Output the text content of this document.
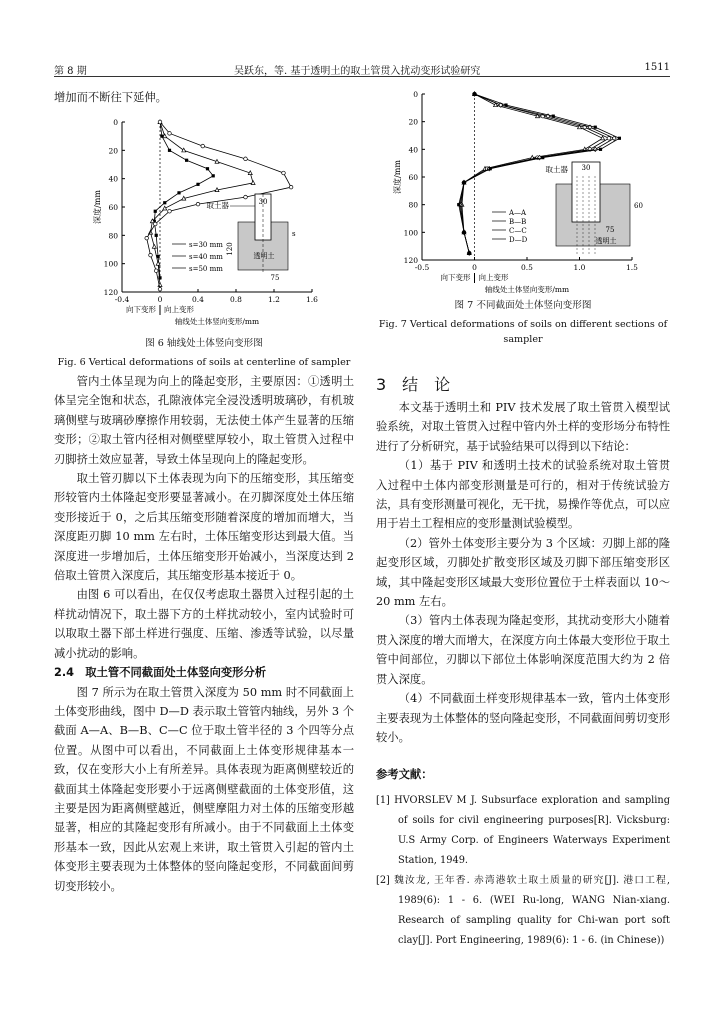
第 8 期	吴跃东，等. 基于透明土的取土管贯入扰动变形试验研究	1511

增加而不断往下延伸。

0
20
40
60
80
100
120
-0.4	0	0.4	0.8	1.2	1.6
深度/mm
向下变形 向上变形
轴线处土体竖向变形/mm
取土器
透明土
30
120
75
s
s=30 mm
s=40 mm
s=50 mm
图 6 轴线处土体竖向变形图
Fig. 6 Vertical deformations of soils at centerline of sampler

管内土体呈现为向上的隆起变形，主要原因：①透明土体呈完全饱和状态，孔隙液体完全浸没透明玻璃砂，有机玻璃侧壁与玻璃砂摩擦作用较弱，无法使土体产生显著的压缩变形；②取土管内径相对侧壁壁厚较小，取土管贯入过程中刃脚挤土效应显著，导致土体呈现向上的隆起变形。

取土管刃脚以下土体表现为向下的压缩变形，其压缩变形较管内土体隆起变形要显著减小。在刃脚深度处土体压缩变形接近于 0，之后其压缩变形随着深度的增加而增大，当深度距刃脚 10 mm 左右时，土体压缩变形达到最大值。当深度进一步增加后，土体压缩变形开始减小，当深度达到 2 倍取土管贯入深度后，其压缩变形基本接近于 0。

由图 6 可以看出，在仅仅考虑取土器贯入过程引起的土样扰动情况下，取土器下方的土样扰动较小，室内试验时可以取取土器下部土样进行强度、压缩、渗透等试验，以尽量减小扰动的影响。

2.4　取土管不同截面处土体竖向变形分析

图 7 所示为在取土管贯入深度为 50 mm 时不同截面上土体变形曲线，图中 D—D 表示取土管管内轴线，另外 3 个截面 A—A、B—B、C—C 位于取土管半径的 3 个四等分点位置。从图中可以看出，不同截面上土体变形规律基本一致，仅在变形大小上有所差异。具体表现为距离侧壁较近的截面其土体隆起变形要小于远离侧壁截面的土体变形值，这主要是因为距离侧壁越近，侧壁摩阻力对土体的压缩变形越显著，相应的其隆起变形有所减小。由于不同截面上土体变形基本一致，因此从宏观上来讲，取土管贯入引起的管内土体变形主要表现为土体整体的竖向隆起变形，不同截面间剪切变形较小。

0
20
40
60
80
100
120
-0.5	0	0.5	1.0	1.5
深度/mm
向下变形 向上变形
轴线处土体竖向变形/mm
取土器
透明土
30
60
75
A—A
B—B
C—C
D—D
图 7 不同截面处土体竖向变形图
Fig. 7 Vertical deformations of soils on different sections of sampler

3　结　论

本文基于透明土和 PIV 技术发展了取土管贯入模型试验系统，对取土管贯入过程中管内外土样的变形场分布特性进行了分析研究，基于试验结果可以得到以下结论：

（1）基于 PIV 和透明土技术的试验系统对取土管贯入过程中土体内部变形测量是可行的，相对于传统试验方法，具有变形测量可视化，无干扰，易操作等优点，可以应用于岩土工程相应的变形量测试验模型。

（2）管外土体变形主要分为 3 个区域：刃脚上部的隆起变形区域，刃脚处扩散变形区域及刃脚下部压缩变形区域，其中隆起变形区域最大变形位置位于土样表面以 10～20 mm 左右。

（3）管内土体表现为隆起变形，其扰动变形大小随着贯入深度的增大而增大，在深度方向土体最大变形位于取土管中间部位，刃脚以下部位土体影响深度范围大约为 2 倍贯入深度。

（4）不同截面土样变形规律基本一致，管内土体变形主要表现为土体整体的竖向隆起变形，不同截面间剪切变形较小。

参考文献：

[1] HVORSLEV M J. Subsurface exploration and sampling of soils for civil engineering purposes[R]. Vicksburg: U.S Army Corp. of Engineers Waterways Experiment Station, 1949.

[2] 魏汝龙, 王年香. 赤湾港软土取土质量的研究[J]. 港口工程, 1989(6): 1 - 6. (WEI Ru-long, WANG Nian-xiang. Research of sampling quality for Chi-wan port soft clay[J]. Port Engineering, 1989(6): 1 - 6. (in Chinese))
